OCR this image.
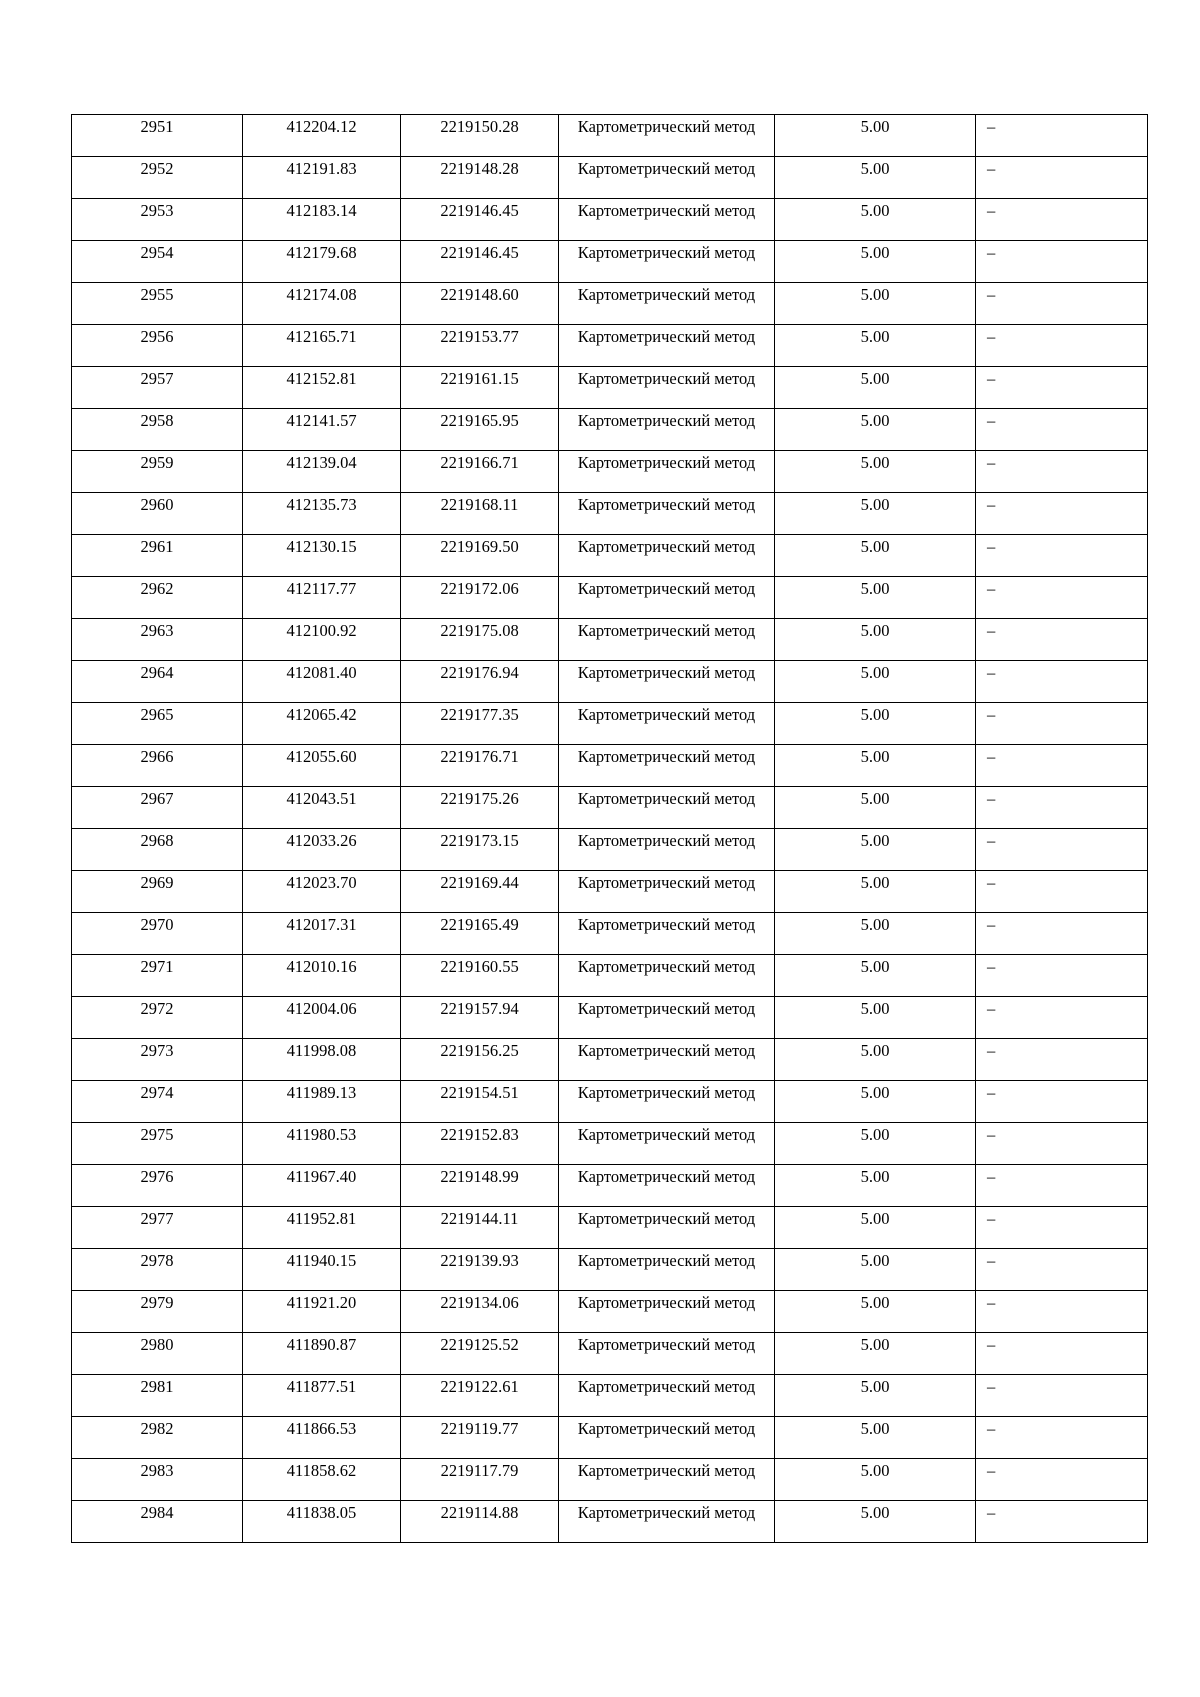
2951	412204.12	2219150.28	Картометрический метод	5.00	–

2952	412191.83	2219148.28	Картометрический метод	5.00	–

2953	412183.14	2219146.45	Картометрический метод	5.00	–

2954	412179.68	2219146.45	Картометрический метод	5.00	–

2955	412174.08	2219148.60	Картометрический метод	5.00	–

2956	412165.71	2219153.77	Картометрический метод	5.00	–

2957	412152.81	2219161.15	Картометрический метод	5.00	–

2958	412141.57	2219165.95	Картометрический метод	5.00	–

2959	412139.04	2219166.71	Картометрический метод	5.00	–

2960	412135.73	2219168.11	Картометрический метод	5.00	–

2961	412130.15	2219169.50	Картометрический метод	5.00	–

2962	412117.77	2219172.06	Картометрический метод	5.00	–

2963	412100.92	2219175.08	Картометрический метод	5.00	–

2964	412081.40	2219176.94	Картометрический метод	5.00	–

2965	412065.42	2219177.35	Картометрический метод	5.00	–

2966	412055.60	2219176.71	Картометрический метод	5.00	–

2967	412043.51	2219175.26	Картометрический метод	5.00	–

2968	412033.26	2219173.15	Картометрический метод	5.00	–

2969	412023.70	2219169.44	Картометрический метод	5.00	–

2970	412017.31	2219165.49	Картометрический метод	5.00	–

2971	412010.16	2219160.55	Картометрический метод	5.00	–

2972	412004.06	2219157.94	Картометрический метод	5.00	–

2973	411998.08	2219156.25	Картометрический метод	5.00	–

2974	411989.13	2219154.51	Картометрический метод	5.00	–

2975	411980.53	2219152.83	Картометрический метод	5.00	–

2976	411967.40	2219148.99	Картометрический метод	5.00	–

2977	411952.81	2219144.11	Картометрический метод	5.00	–

2978	411940.15	2219139.93	Картометрический метод	5.00	–

2979	411921.20	2219134.06	Картометрический метод	5.00	–

2980	411890.87	2219125.52	Картометрический метод	5.00	–

2981	411877.51	2219122.61	Картометрический метод	5.00	–

2982	411866.53	2219119.77	Картометрический метод	5.00	–

2983	411858.62	2219117.79	Картометрический метод	5.00	–

2984	411838.05	2219114.88	Картометрический метод	5.00	–
